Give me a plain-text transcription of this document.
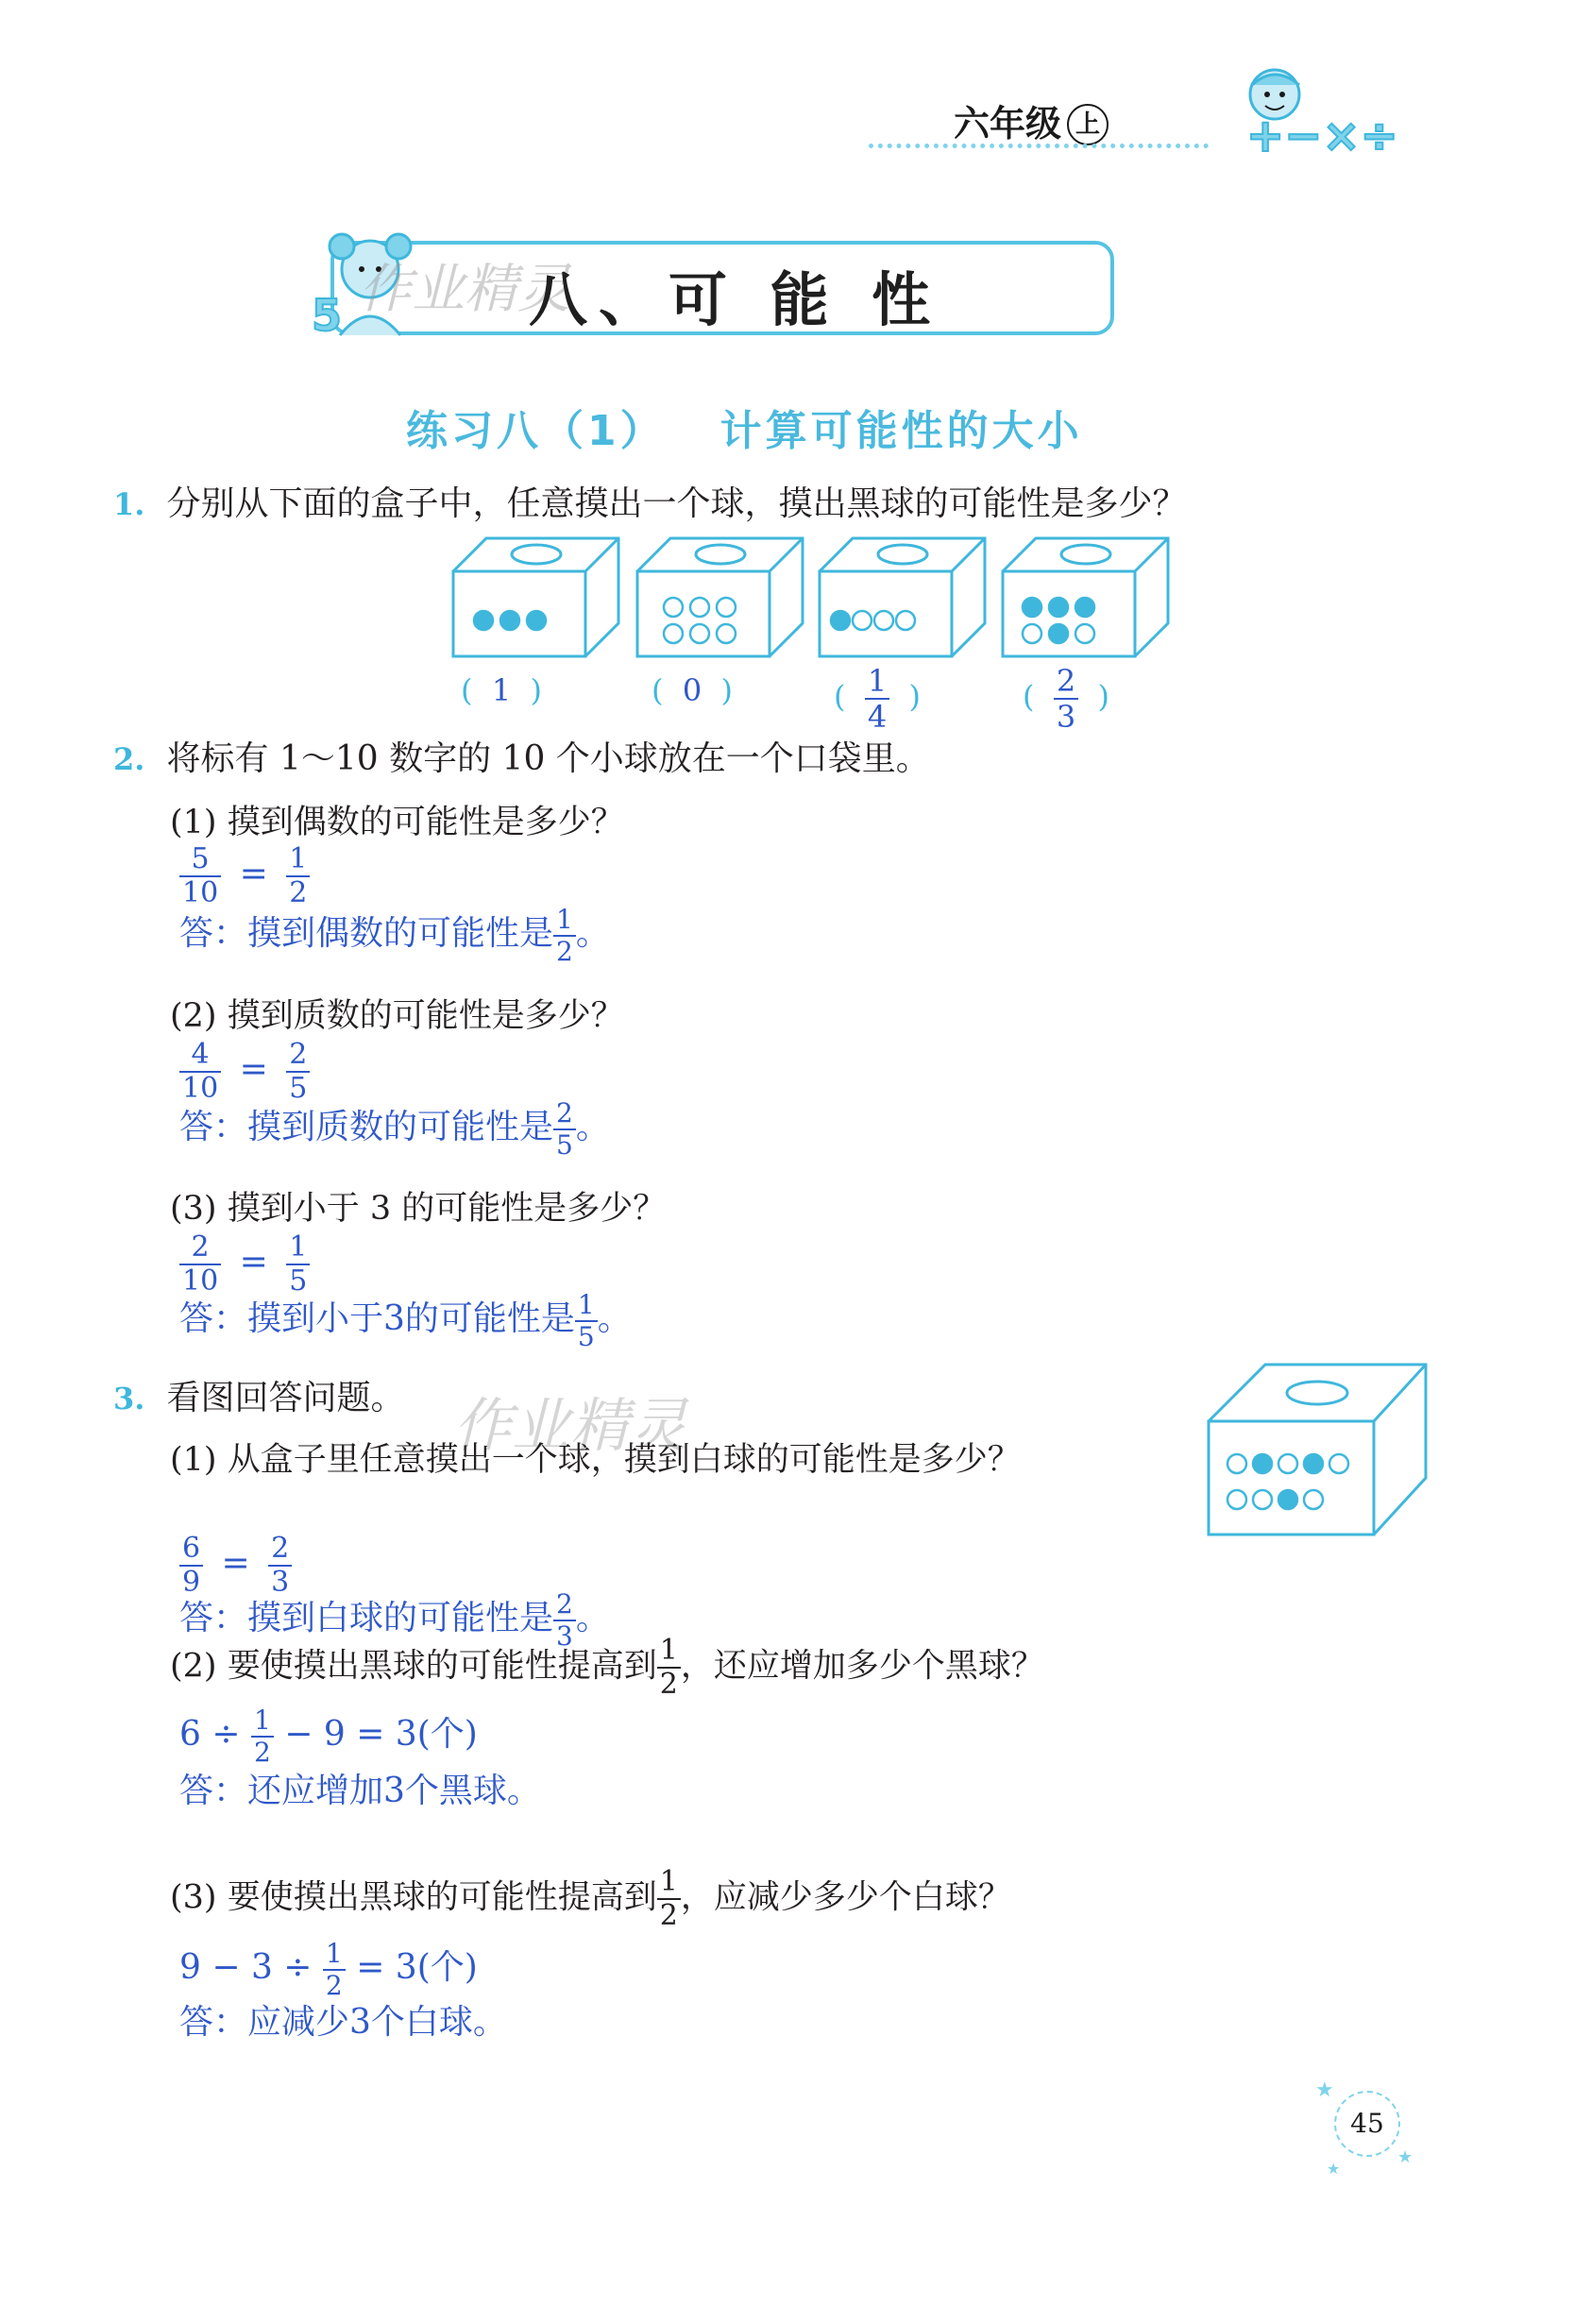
六年级 上	+−×÷
5 作业精灵
八、可 能 性
练习八（1）   计算可能性的大小
1. 分别从下面的盒子中，任意摸出一个球，摸出黑球的可能性是多少？
(  1  )	(  0  )	( $\frac{1}{4}$ )	( $\frac{2}{3}$ )
2. 将标有 1～10 数字的 10 个小球放在一个口袋里。
(1) 摸到偶数的可能性是多少？
$\frac{5}{10} = \frac{1}{2}$
答：摸到偶数的可能性是 $\frac{1}{2}$ 。
(2) 摸到质数的可能性是多少？
$\frac{4}{10} = \frac{2}{5}$
答：摸到质数的可能性是 $\frac{2}{5}$ 。
(3) 摸到小于 3 的可能性是多少？
$\frac{2}{10} = \frac{1}{5}$
答：摸到小于3的可能性是 $\frac{1}{5}$ 。
3. 看图回答问题。 作业精灵
(1) 从盒子里任意摸出一个球，摸到白球的可能性是多少？
$\frac{6}{9} = \frac{2}{3}$
答：摸到白球的可能性是 $\frac{2}{3}$ 。
(2) 要使摸出黑球的可能性提高到 $\frac{1}{2}$ ，还应增加多少个黑球？
$6 \div \frac{1}{2} - 9 = 3$(个)
答：还应增加3个黑球。
(3) 要使摸出黑球的可能性提高到 $\frac{1}{2}$ ，应减少多少个白球？
$9 - 3 \div \frac{1}{2} = 3$(个)
答：应减少3个白球。
★
★
★
45
